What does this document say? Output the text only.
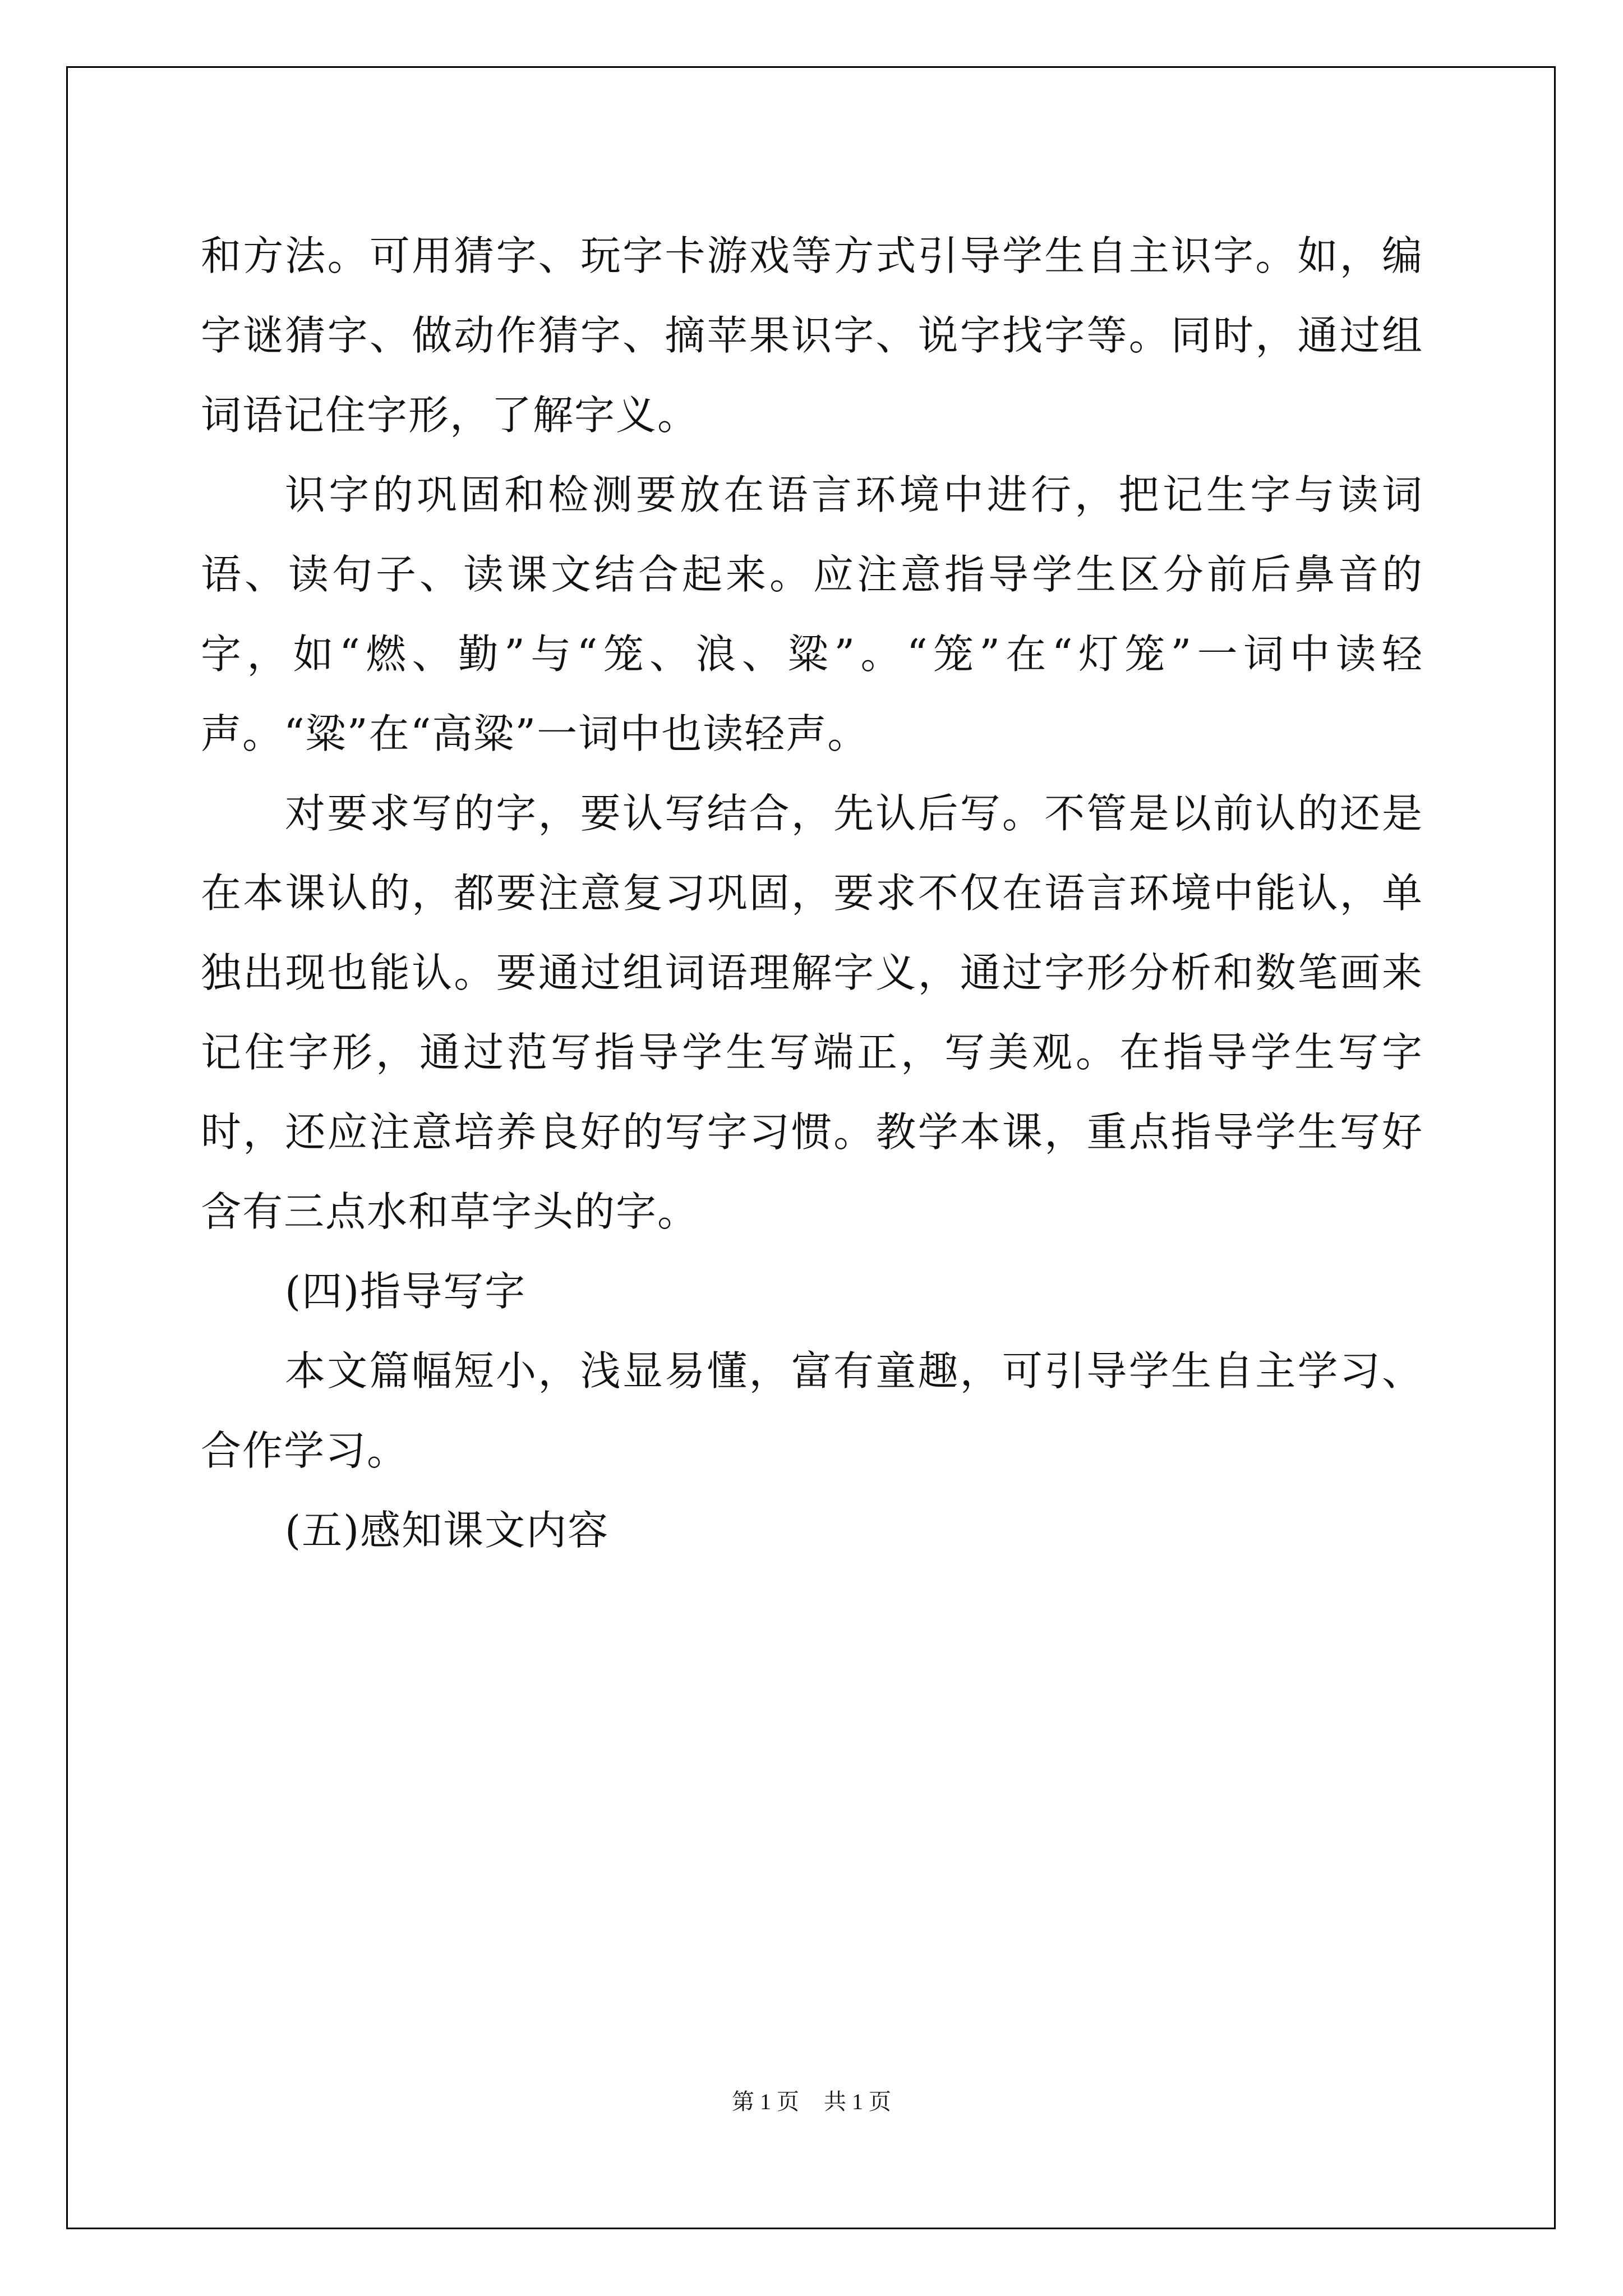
和方法。可用猜字、玩字卡游戏等方式引导学生自主识字。如，编字谜猜字、做动作猜字、摘苹果识字、说字找字等。同时，通过组词语记住字形，了解字义。

识字的巩固和检测要放在语言环境中进行，把记生字与读词语、读句子、读课文结合起来。应注意指导学生区分前后鼻音的字，如“燃、勤”与“笼、浪、粱”。“笼”在“灯笼”一词中读轻声。“粱”在“高粱”一词中也读轻声。

对要求写的字，要认写结合，先认后写。不管是以前认的还是在本课认的，都要注意复习巩固，要求不仅在语言环境中能认，单独出现也能认。要通过组词语理解字义，通过字形分析和数笔画来记住字形，通过范写指导学生写端正，写美观。在指导学生写字时，还应注意培养良好的写字习惯。教学本课，重点指导学生写好含有三点水和草字头的字。

(四)指导写字

本文篇幅短小，浅显易懂，富有童趣，可引导学生自主学习、合作学习。

(五)感知课文内容

第 1 页 共 1 页
